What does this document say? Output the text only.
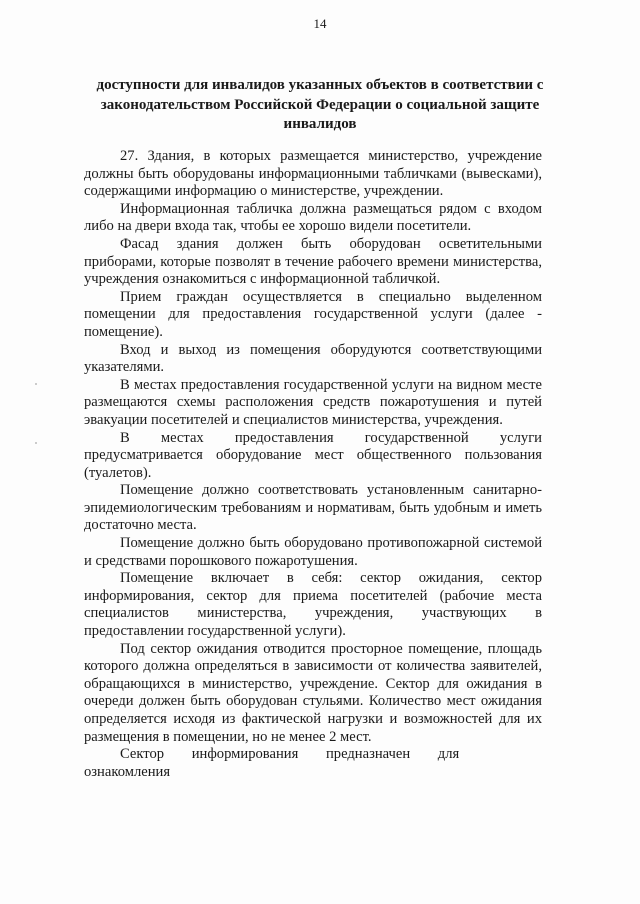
14
доступности для инвалидов указанных объектов в соответствии с законодательством Российской Федерации о социальной защите инвалидов

27. Здания, в которых размещается министерство, учреждение должны быть оборудованы информационными табличками (вывесками), содержащими информацию о министерстве, учреждении.

Информационная табличка должна размещаться рядом с входом либо на двери входа так, чтобы ее хорошо видели посетители.

Фасад здания должен быть оборудован осветительными приборами, которые позволят в течение рабочего времени министерства, учреждения ознакомиться с информационной табличкой.

Прием граждан осуществляется в специально выделенном помещении для предоставления государственной услуги (далее - помещение).

Вход и выход из помещения оборудуются соответствующими указателями.

В местах предоставления государственной услуги на видном месте размещаются схемы расположения средств пожаротушения и путей эвакуации посетителей и специалистов министерства, учреждения.

В местах предоставления государственной услуги предусматривается оборудование мест общественного пользования (туалетов).

Помещение должно соответствовать установленным санитарно-эпидемиологическим требованиям и нормативам, быть удобным и иметь достаточно места.

Помещение должно быть оборудовано противопожарной системой и средствами порошкового пожаротушения.

Помещение включает в себя: сектор ожидания, сектор информирования, сектор для приема посетителей (рабочие места специалистов министерства, учреждения, участвующих в предоставлении государственной услуги).

Под сектор ожидания отводится просторное помещение, площадь которого должна определяться в зависимости от количества заявителей, обращающихся в министерство, учреждение. Сектор для ожидания в очереди должен быть оборудован стульями. Количество мест ожидания определяется исходя из фактической нагрузки и возможностей для их размещения в помещении, но не менее 2 мест.

Сектор информирования предназначен для ознакомления
